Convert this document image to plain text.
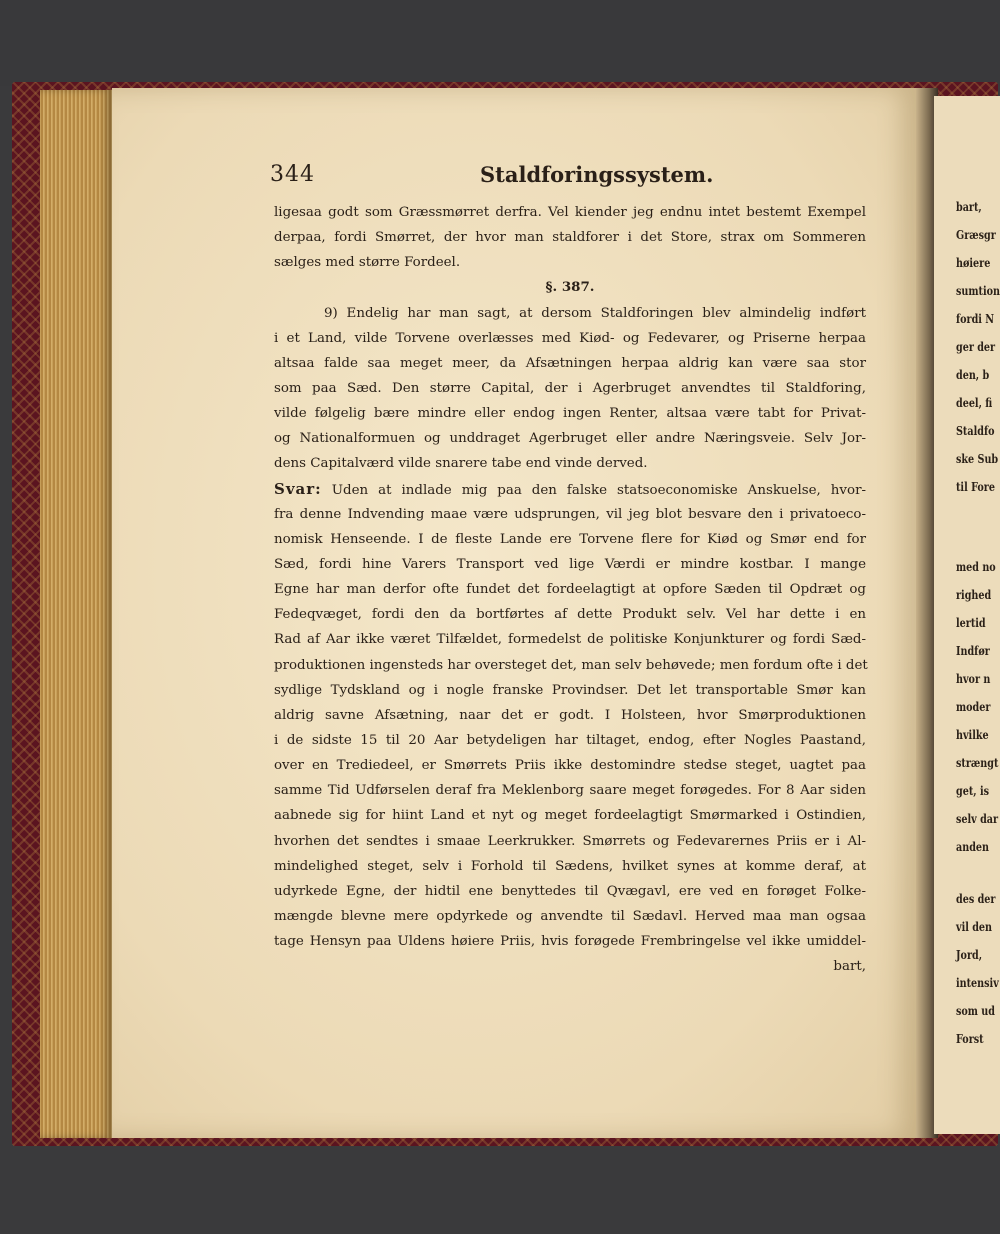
bart,
Græsgr
høiere
sumtion
fordi N
ger der
den, b
deel, fi
Staldfo
ske Sub
til Fore
med no
righed
lertid
Indfør
hvor n
moder
hvilke
strængt
get, is
selv dar
anden
des der
vil den
Jord,
intensiv
som ud
Forst
344	Staldforingssystem.
ligesaa godt som Græssmørret derfra. Vel kiender jeg endnu intet bestemt Exempel
derpaa, fordi Smørret, der hvor man staldforer i det Store, strax om Sommeren
sælges med større Fordeel.
§. 387.
9) Endelig har man sagt, at dersom Staldforingen blev almindelig indført
i et Land, vilde Torvene overlæsses med Kiød- og Fedevarer, og Priserne herpaa
altsaa falde saa meget meer, da Afsætningen herpaa aldrig kan være saa stor
som paa Sæd. Den større Capital, der i Agerbruget anvendtes til Staldforing,
vilde følgelig bære mindre eller endog ingen Renter, altsaa være tabt for Privat-
og Nationalformuen og unddraget Agerbruget eller andre Næringsveie. Selv Jor-
dens Capitalværd vilde snarere tabe end vinde derved.
Svar: Uden at indlade mig paa den falske statsoeconomiske Anskuelse, hvor-
fra denne Indvending maae være udsprungen, vil jeg blot besvare den i privatoeco-
nomisk Henseende. I de fleste Lande ere Torvene flere for Kiød og Smør end for
Sæd, fordi hine Varers Transport ved lige Værdi er mindre kostbar. I mange
Egne har man derfor ofte fundet det fordeelagtigt at opfore Sæden til Opdræt og
Fedeqvæget, fordi den da bortførtes af dette Produkt selv. Vel har dette i en
Rad af Aar ikke været Tilfældet, formedelst de politiske Konjunkturer og fordi Sæd-
produktionen ingensteds har oversteget det, man selv behøvede; men fordum ofte i det
sydlige Tydskland og i nogle franske Provindser. Det let transportable Smør kan
aldrig savne Afsætning, naar det er godt. I Holsteen, hvor Smørproduktionen
i de sidste 15 til 20 Aar betydeligen har tiltaget, endog, efter Nogles Paastand,
over en Trediedeel, er Smørrets Priis ikke destomindre stedse steget, uagtet paa
samme Tid Udførselen deraf fra Meklenborg saare meget forøgedes. For 8 Aar siden
aabnede sig for hiint Land et nyt og meget fordeelagtigt Smørmarked i Ostindien,
hvorhen det sendtes i smaae Leerkrukker. Smørrets og Fedevarernes Priis er i Al-
mindelighed steget, selv i Forhold til Sædens, hvilket synes at komme deraf, at
udyrkede Egne, der hidtil ene benyttedes til Qvægavl, ere ved en forøget Folke-
mængde blevne mere opdyrkede og anvendte til Sædavl. Herved maa man ogsaa
tage Hensyn paa Uldens høiere Priis, hvis forøgede Frembringelse vel ikke umiddel-
bart,
